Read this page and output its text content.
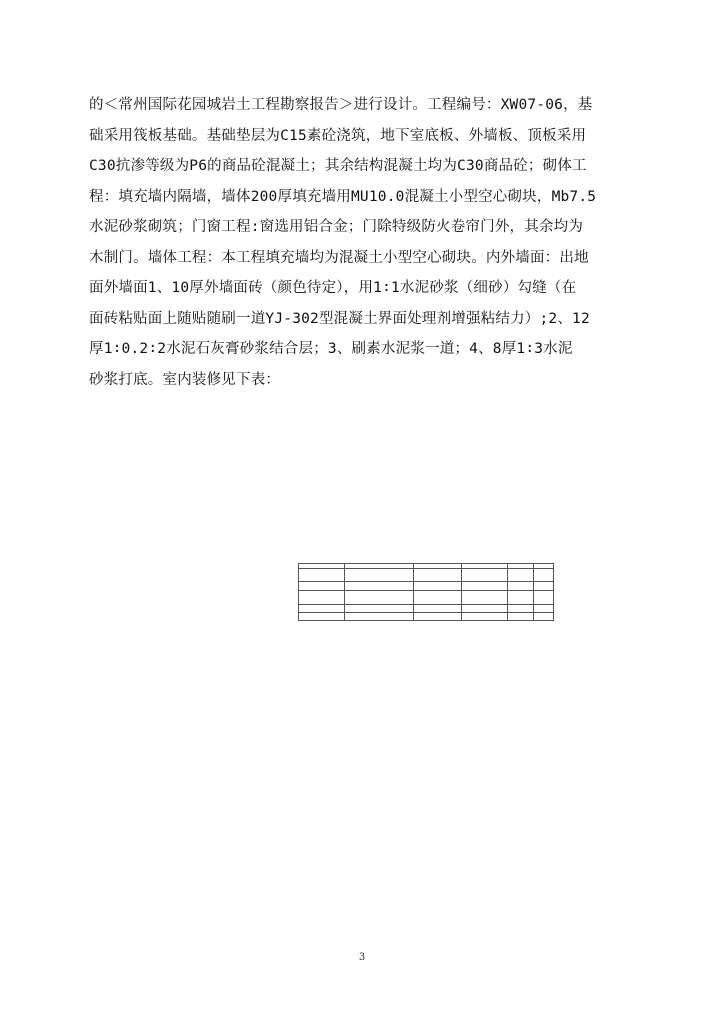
的＜常州国际花园城岩土工程勘察报告＞进行设计。工程编号：XW07-06，基
础采用筏板基础。基础垫层为C15素砼浇筑，地下室底板、外墙板、顶板采用
C30抗渗等级为P6的商品砼混凝土；其余结构混凝土均为C30商品砼；砌体工
程：填充墙内隔墙，墙体200厚填充墙用MU10.0混凝土小型空心砌块，Mb7.5
水泥砂浆砌筑；门窗工程:窗选用铝合金；门除特级防火卷帘门外，其余均为
木制门。墙体工程：本工程填充墙均为混凝土小型空心砌块。内外墙面：出地
面外墙面1、10厚外墙面砖（颜色待定），用1∶1水泥砂浆（细砂）勾缝（在
面砖粘贴面上随贴随刷一道YJ-302型混凝土界面处理剂增强粘结力）;2、12
厚1∶0.2∶2水泥石灰膏砂浆结合层；3、刷素水泥浆一道；4、8厚1∶3水泥
砂浆打底。室内装修见下表：

3
